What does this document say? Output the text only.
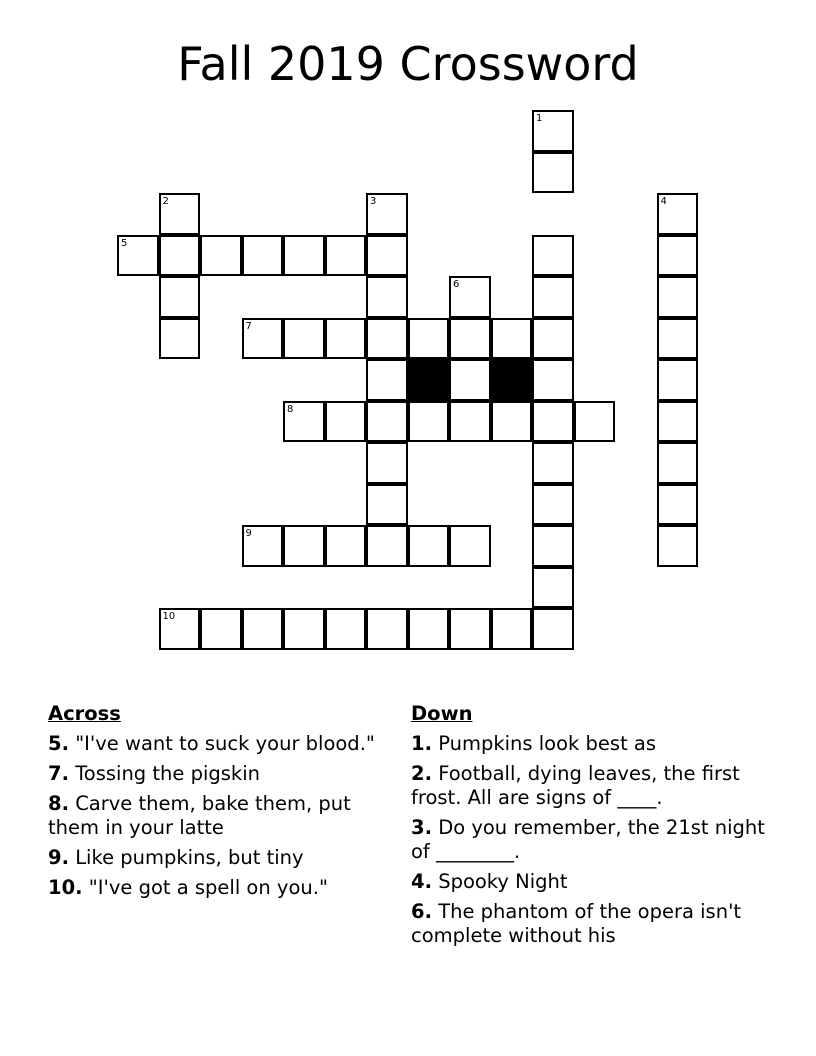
Fall 2019 Crossword
2	3	4
5
6
7
8
9
10
1
Across
5. "I've want to suck your blood."
7. Tossing the pigskin
8. Carve them, bake them, put them in your latte
9. Like pumpkins, but tiny
10. "I've got a spell on you."
Down
1. Pumpkins look best as
2. Football, dying leaves, the first frost. All are signs of ____.
3. Do you remember, the 21st night of ________.
4. Spooky Night
6. The phantom of the opera isn't complete without his
